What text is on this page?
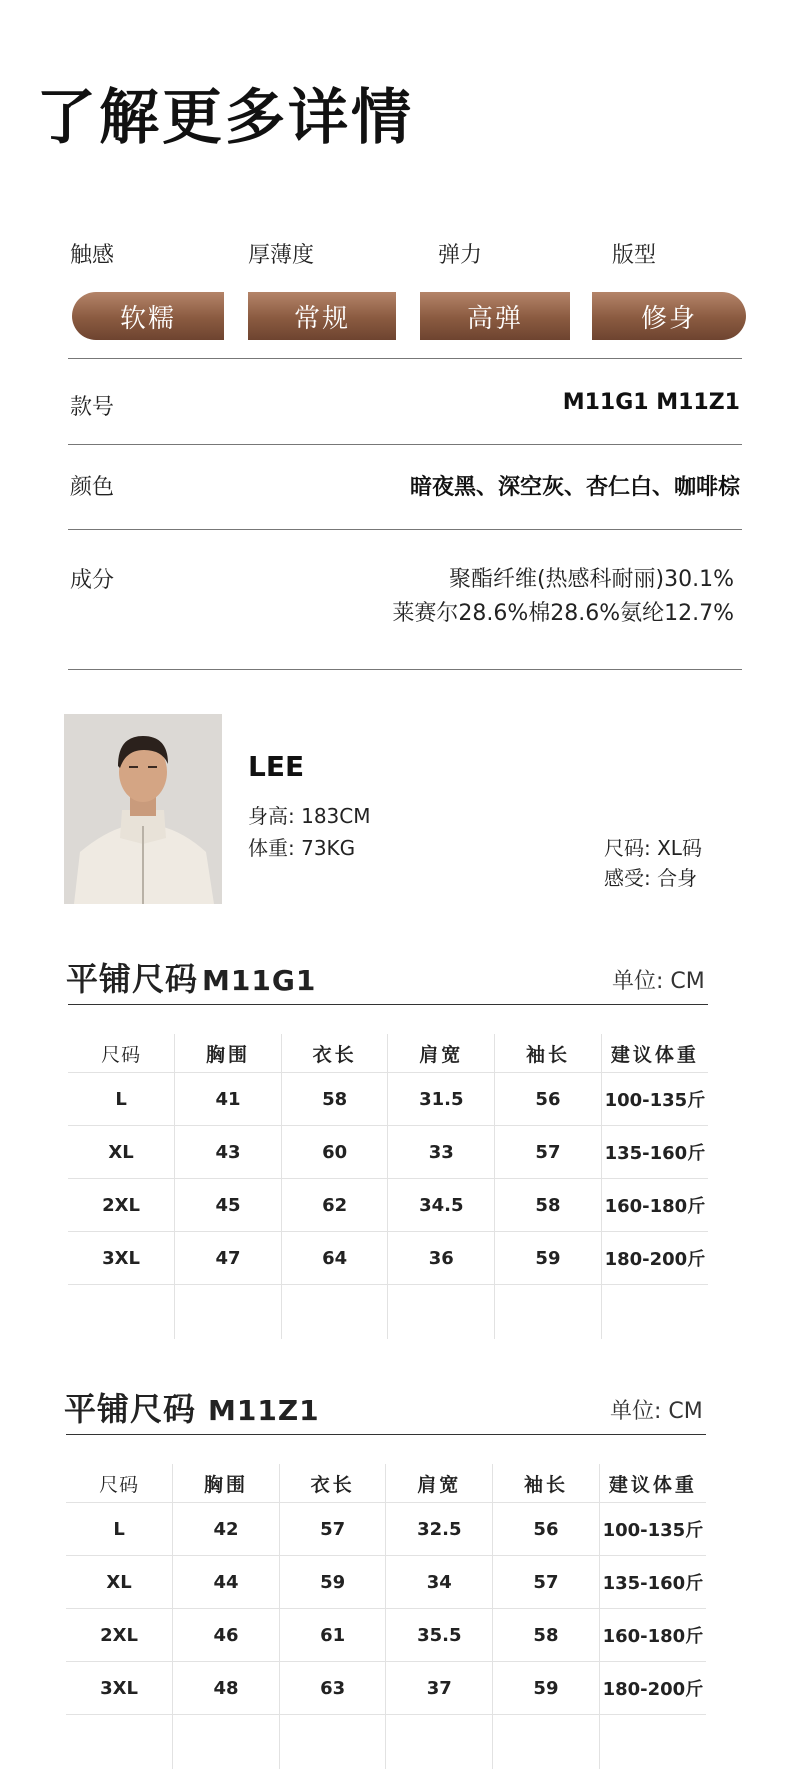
了解更多详情
触感	厚薄度	弹力	版型
软糯	常规	高弹	修身
款号	M11G1 M11Z1
颜色	暗夜黑、深空灰、杏仁白、咖啡棕
成分	聚酯纤维(热感科耐丽)30.1%
莱赛尔28.6%棉28.6%氨纶12.7%
LEE
身高: 183CM
体重: 73KG	尺码: XL码
感受: 合身
平铺尺码 M11G1	单位: CM
尺码	胸围	衣长	肩宽	袖长	建议体重
L	41	58	31.5	56	100-135斤
XL	43	60	33	57	135-160斤
2XL	45	62	34.5	58	160-180斤
3XL	47	64	36	59	180-200斤

平铺尺码 M11Z1	单位: CM
尺码	胸围	衣长	肩宽	袖长	建议体重
L	42	57	32.5	56	100-135斤
XL	44	59	34	57	135-160斤
2XL	46	61	35.5	58	160-180斤
3XL	48	63	37	59	180-200斤
